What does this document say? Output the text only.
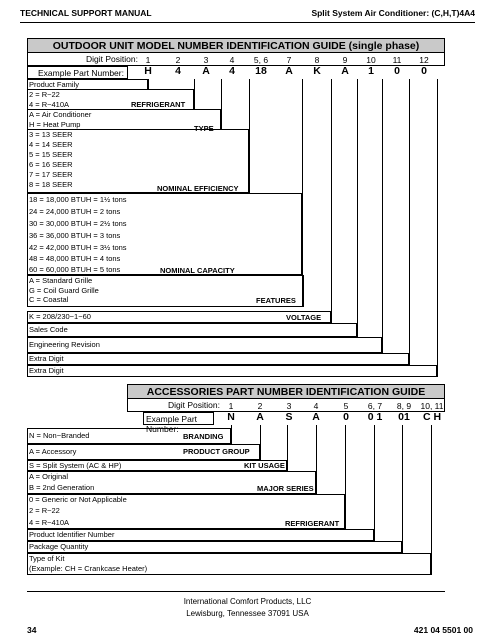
TECHNICAL SUPPORT MANUAL	Split System Air Conditioner: (C,H,T)4A4
OUTDOOR UNIT MODEL NUMBER IDENTIFICATION GUIDE (single phase)
Digit Position: 1	2	3	4	5, 6	7	8	9	10	11	12
Example Part Number:	H	4	A	4	18	A	K	A	1	0	0
Product Family
2 = R−22
4 = R−410A
A = Air Conditioner
H = Heat Pump
3 = 13 SEER
4 = 14 SEER
5 = 15 SEER
6 = 16 SEER
7 = 17 SEER
8 = 18 SEER
18 = 18,000 BTUH = 1½ tons
24 = 24,000 BTUH = 2 tons
30 = 30,000 BTUH = 2½ tons
36 = 36,000 BTUH = 3 tons
42 = 42,000 BTUH = 3½ tons
48 = 48,000 BTUH = 4 tons
60 = 60,000 BTUH = 5 tons
A = Standard Grille
G = Coil Guard Grille
C = Coastal
K = 208/230−1−60
Sales Code
Engineering Revision
Extra Digit
Extra Digit
REFRIGERANT
TYPE
NOMINAL EFFICIENCY
NOMINAL CAPACITY
FEATURES
VOLTAGE
ACCESSORIES PART NUMBER IDENTIFICATION GUIDE
Digit Position:	1	2	3	4	5	6, 7	8, 9	10, 11
Example Part Number:
N	A	S	A	0	0 1	01	C H
N = Non−Branded
A = Accessory
S = Split System (AC & HP)
A = Original
B = 2nd Generation
0 = Generic or Not Applicable
2 = R−22
4 = R−410A
Product Identifier Number
Package Quantity
Type of Kit
(Example: CH = Crankcase Heater)
BRANDING
PRODUCT GROUP
KIT USAGE
MAJOR SERIES
REFRIGERANT
International Comfort Products, LLC
Lewisburg, Tennessee 37091 USA
34	421 04 5501 00
